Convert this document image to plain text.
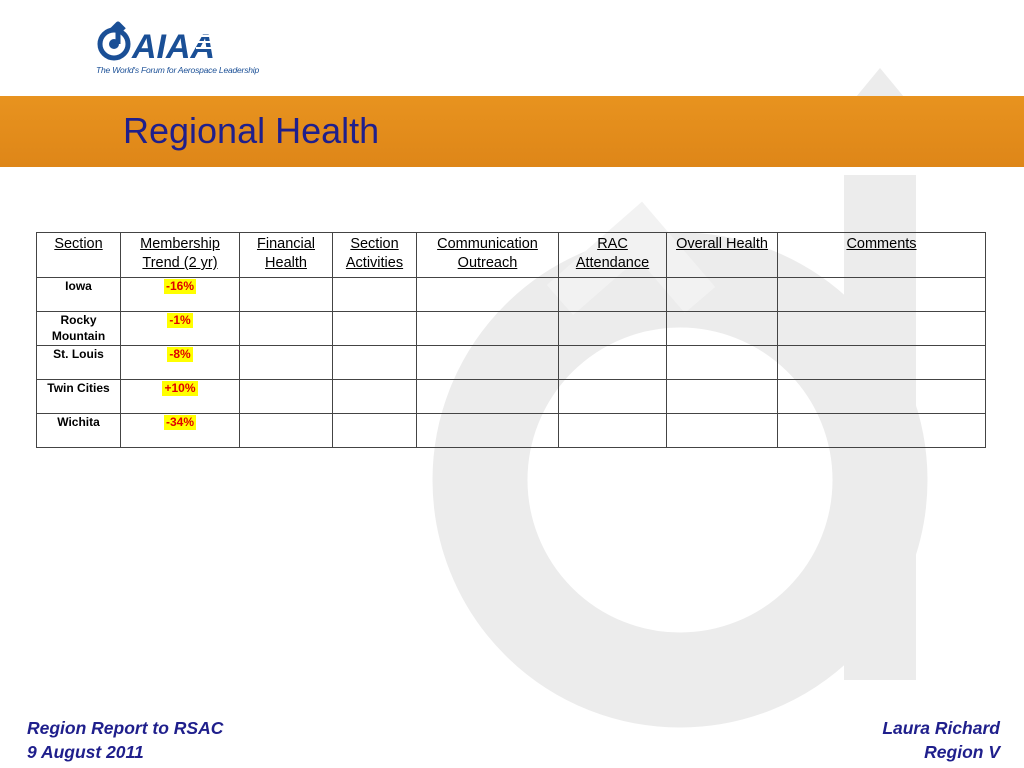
AIAA
The World's Forum for Aerospace Leadership
Regional Health
Section	Membership Trend (2 yr)	Financial Health	Section Activities	Communication Outreach	RAC Attendance	Overall Health	Comments
Iowa	-16%						
Rocky Mountain	-1%						
St. Louis	-8%						
Twin Cities	+10%						
Wichita	-34%						
Region Report to RSAC
9 August 2011
Laura Richard
Region V
